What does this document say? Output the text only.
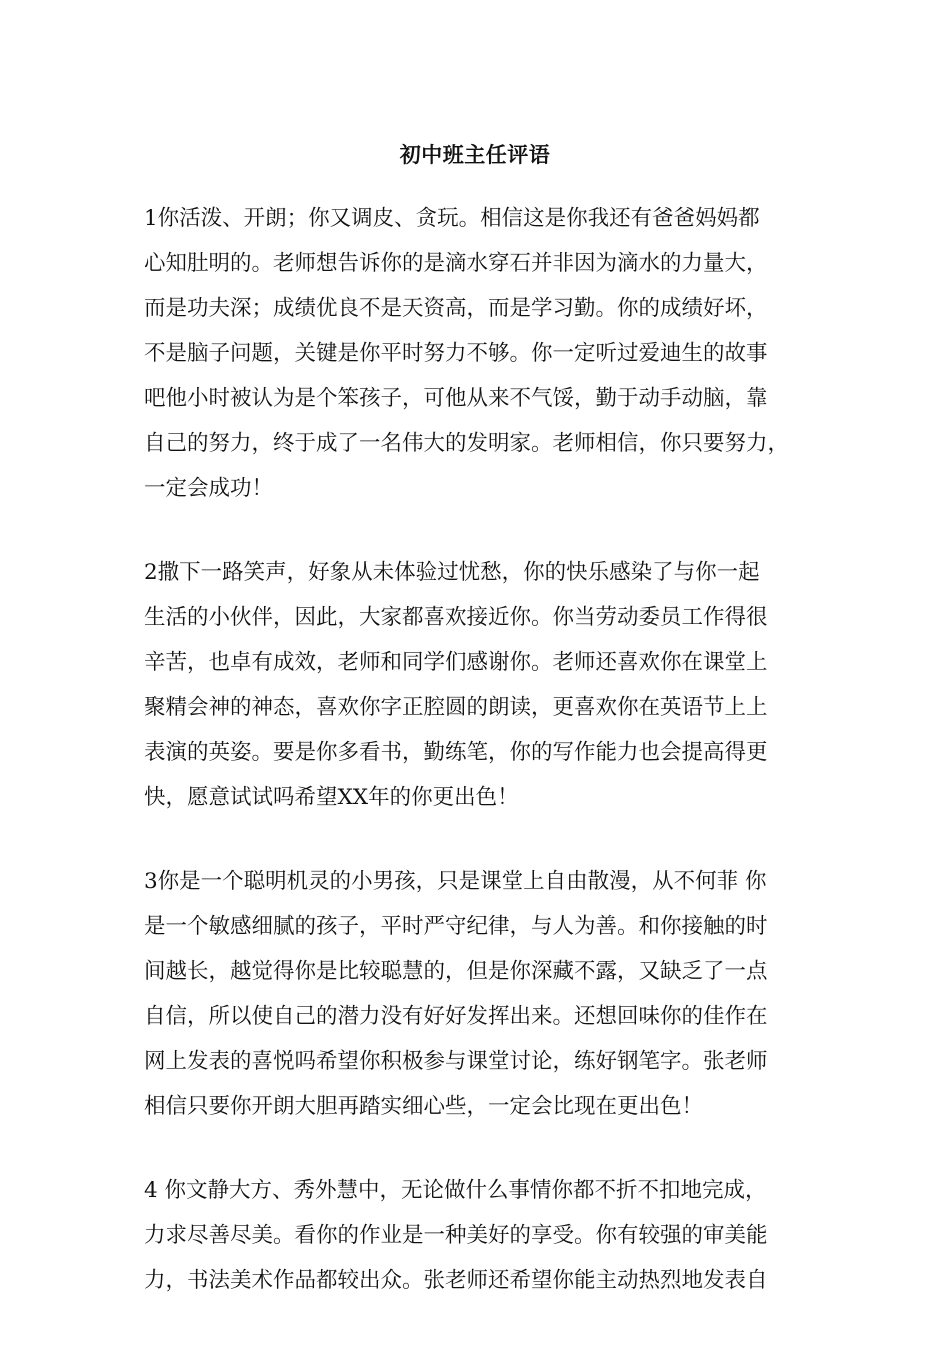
初中班主任评语
1你活泼、开朗；你又调皮、贪玩。相信这是你我还有爸爸妈妈都
心知肚明的。老师想告诉你的是滴水穿石并非因为滴水的力量大，
而是功夫深；成绩优良不是天资高，而是学习勤。你的成绩好坏，
不是脑子问题，关键是你平时努力不够。你一定听过爱迪生的故事
吧他小时被认为是个笨孩子，可他从来不气馁，勤于动手动脑，靠
自己的努力，终于成了一名伟大的发明家。老师相信，你只要努力，
一定会成功！
2撒下一路笑声，好象从未体验过忧愁，你的快乐感染了与你一起
生活的小伙伴，因此，大家都喜欢接近你。你当劳动委员工作得很
辛苦，也卓有成效，老师和同学们感谢你。老师还喜欢你在课堂上
聚精会神的神态，喜欢你字正腔圆的朗读，更喜欢你在英语节上上
表演的英姿。要是你多看书，勤练笔，你的写作能力也会提高得更
快，愿意试试吗希望XX年的你更出色！
3你是一个聪明机灵的小男孩，只是课堂上自由散漫，从不何菲 你
是一个敏感细腻的孩子，平时严守纪律，与人为善。和你接触的时
间越长，越觉得你是比较聪慧的，但是你深藏不露，又缺乏了一点
自信，所以使自己的潜力没有好好发挥出来。还想回味你的佳作在
网上发表的喜悦吗希望你积极参与课堂讨论，练好钢笔字。张老师
相信只要你开朗大胆再踏实细心些，一定会比现在更出色！
4 你文静大方、秀外慧中，无论做什么事情你都不折不扣地完成，
力求尽善尽美。看你的作业是一种美好的享受。你有较强的审美能
力，书法美术作品都较出众。张老师还希望你能主动热烈地发表自
